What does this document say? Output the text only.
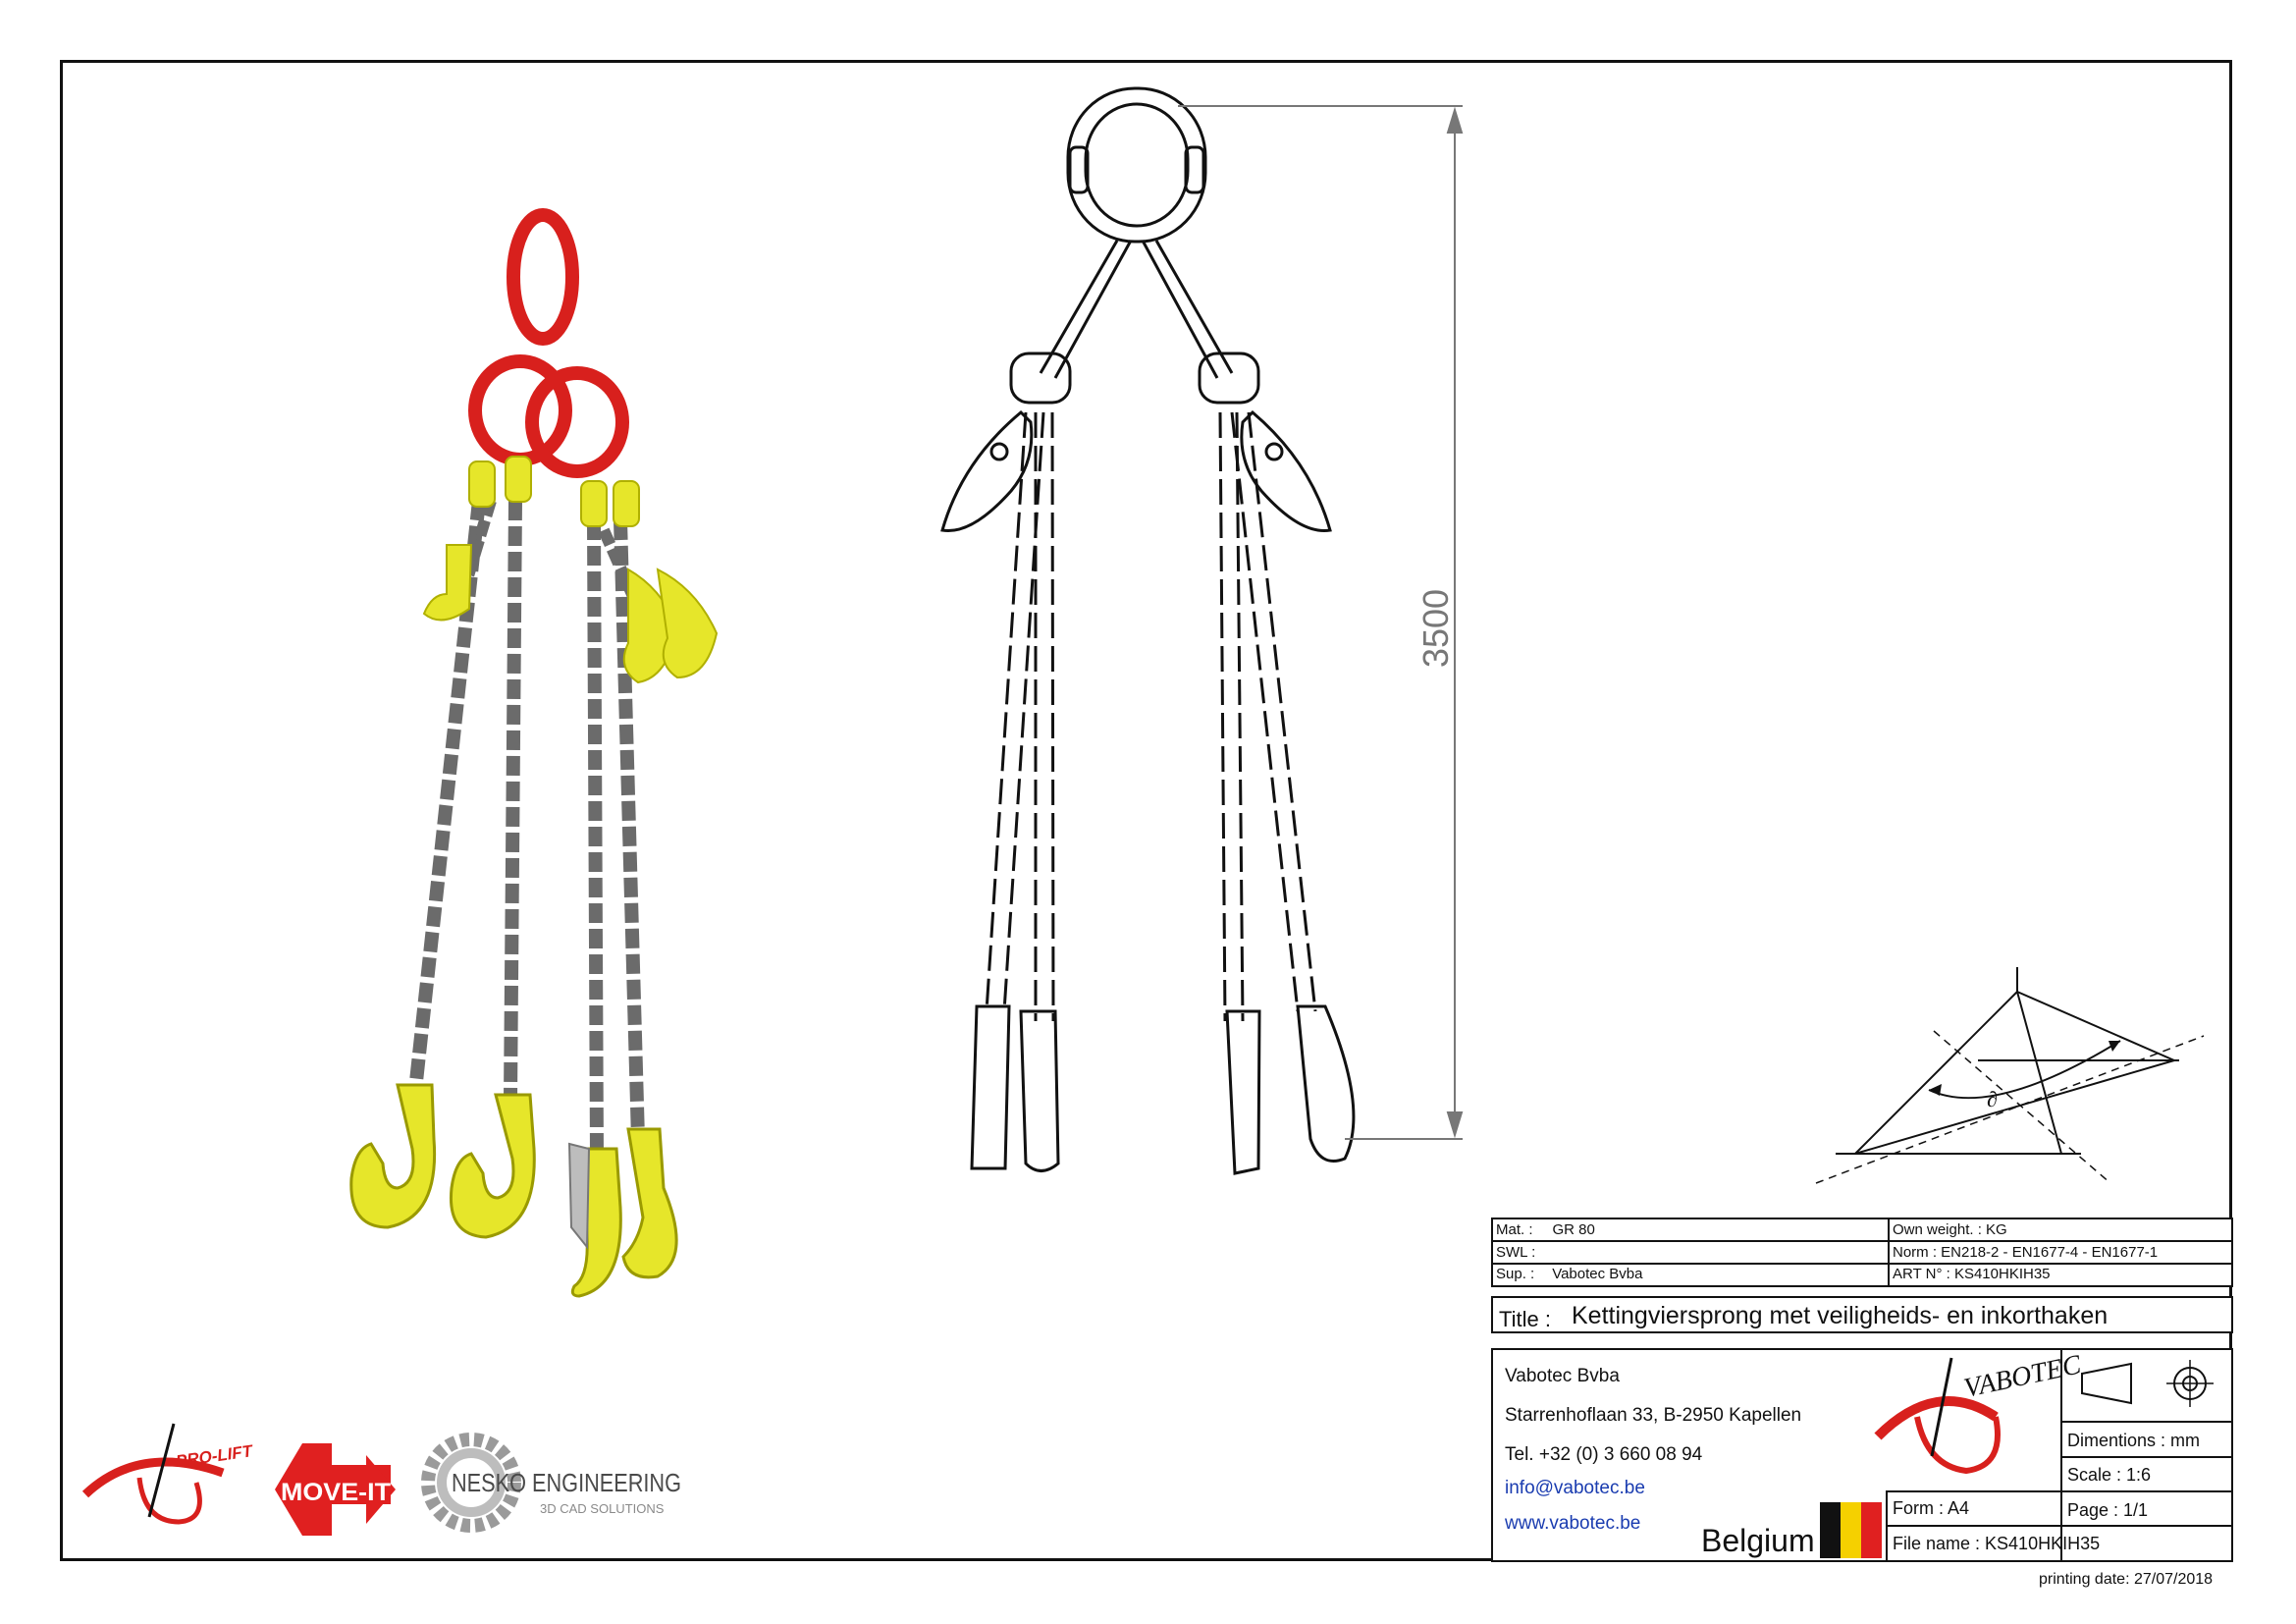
3500
∂
Mat. : GR 80
SWL :
Sup. : Vabotec Bvba
Own weight. : KG
Norm : EN218-2 - EN1677-4 - EN1677-1
ART N° : KS410HKIH35
Title : Kettingviersprong met veiligheids- en inkorthaken
Vabotec Bvba
Starrenhoflaan 33, B-2950 Kapellen
Tel. +32 (0) 3 660 08 94
info@vabotec.be
www.vabotec.be Belgium
VABOTEC
Dimentions : mm
Scale : 1:6
Form : A4	Page : 1/1
File name : KS410HKIH35
PRO-LIFT
MOVE-IT NESKO ENGINEERING
3D CAD SOLUTIONS
printing date: 27/07/2018
